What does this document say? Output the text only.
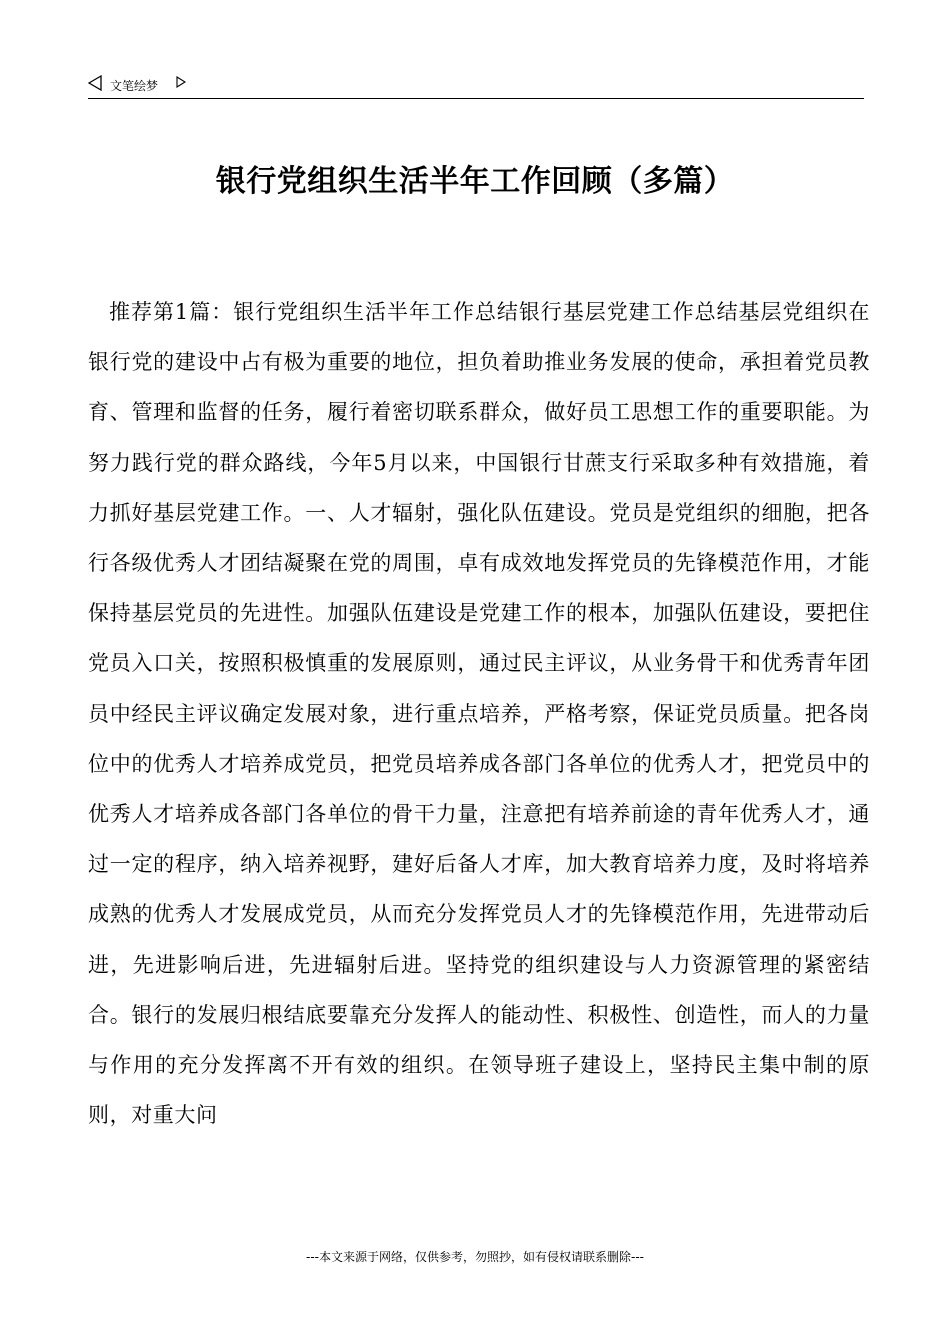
文笔绘梦
银行党组织生活半年工作回顾（多篇）

推荐第1篇：银行党组织生活半年工作总结银行基层党建工作总结基层党组织在银行党的建设中占有极为重要的地位，担负着助推业务发展的使命，承担着党员教育、管理和监督的任务，履行着密切联系群众，做好员工思想工作的重要职能。为努力践行党的群众路线，今年5月以来，中国银行甘蔗支行采取多种有效措施，着力抓好基层党建工作。一、人才辐射，强化队伍建设。党员是党组织的细胞，把各行各级优秀人才团结凝聚在党的周围，卓有成效地发挥党员的先锋模范作用，才能保持基层党员的先进性。加强队伍建设是党建工作的根本，加强队伍建设，要把住党员入口关，按照积极慎重的发展原则，通过民主评议，从业务骨干和优秀青年团员中经民主评议确定发展对象，进行重点培养，严格考察，保证党员质量。把各岗位中的优秀人才培养成党员，把党员培养成各部门各单位的优秀人才，把党员中的优秀人才培养成各部门各单位的骨干力量，注意把有培养前途的青年优秀人才，通过一定的程序，纳入培养视野，建好后备人才库，加大教育培养力度，及时将培养成熟的优秀人才发展成党员，从而充分发挥党员人才的先锋模范作用，先进带动后进，先进影响后进，先进辐射后进。坚持党的组织建设与人力资源管理的紧密结合。银行的发展归根结底要靠充分发挥人的能动性、积极性、创造性，而人的力量与作用的充分发挥离不开有效的组织。在领导班子建设上，坚持民主集中制的原则，对重大问

---本文来源于网络，仅供参考，勿照抄，如有侵权请联系删除---
